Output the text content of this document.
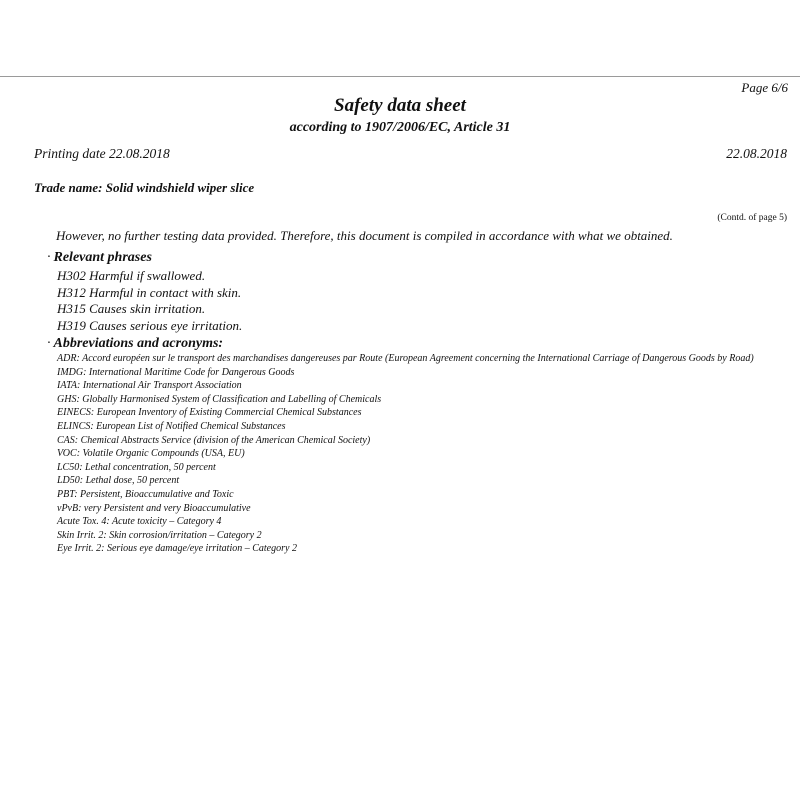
Page 6/6
Safety data sheet
according to 1907/2006/EC, Article 31
Printing date 22.08.2018	22.08.2018
Trade name: Solid windshield wiper slice
(Contd. of page 5)
However, no further testing data provided. Therefore, this document is compiled in accordance with what we obtained.
· Relevant phrases
H302 Harmful if swallowed.
H312 Harmful in contact with skin.
H315 Causes skin irritation.
H319 Causes serious eye irritation.
· Abbreviations and acronyms:

ADR: Accord européen sur le transport des marchandises dangereuses par Route (European Agreement concerning the International Carriage of Dangerous Goods by Road)

IMDG: International Maritime Code for Dangerous Goods

IATA: International Air Transport Association

GHS: Globally Harmonised System of Classification and Labelling of Chemicals

EINECS: European Inventory of Existing Commercial Chemical Substances

ELINCS: European List of Notified Chemical Substances

CAS: Chemical Abstracts Service (division of the American Chemical Society)

VOC: Volatile Organic Compounds (USA, EU)

LC50: Lethal concentration, 50 percent

LD50: Lethal dose, 50 percent

PBT: Persistent, Bioaccumulative and Toxic

vPvB: very Persistent and very Bioaccumulative

Acute Tox. 4: Acute toxicity – Category 4

Skin Irrit. 2: Skin corrosion/irritation – Category 2

Eye Irrit. 2: Serious eye damage/eye irritation – Category 2
